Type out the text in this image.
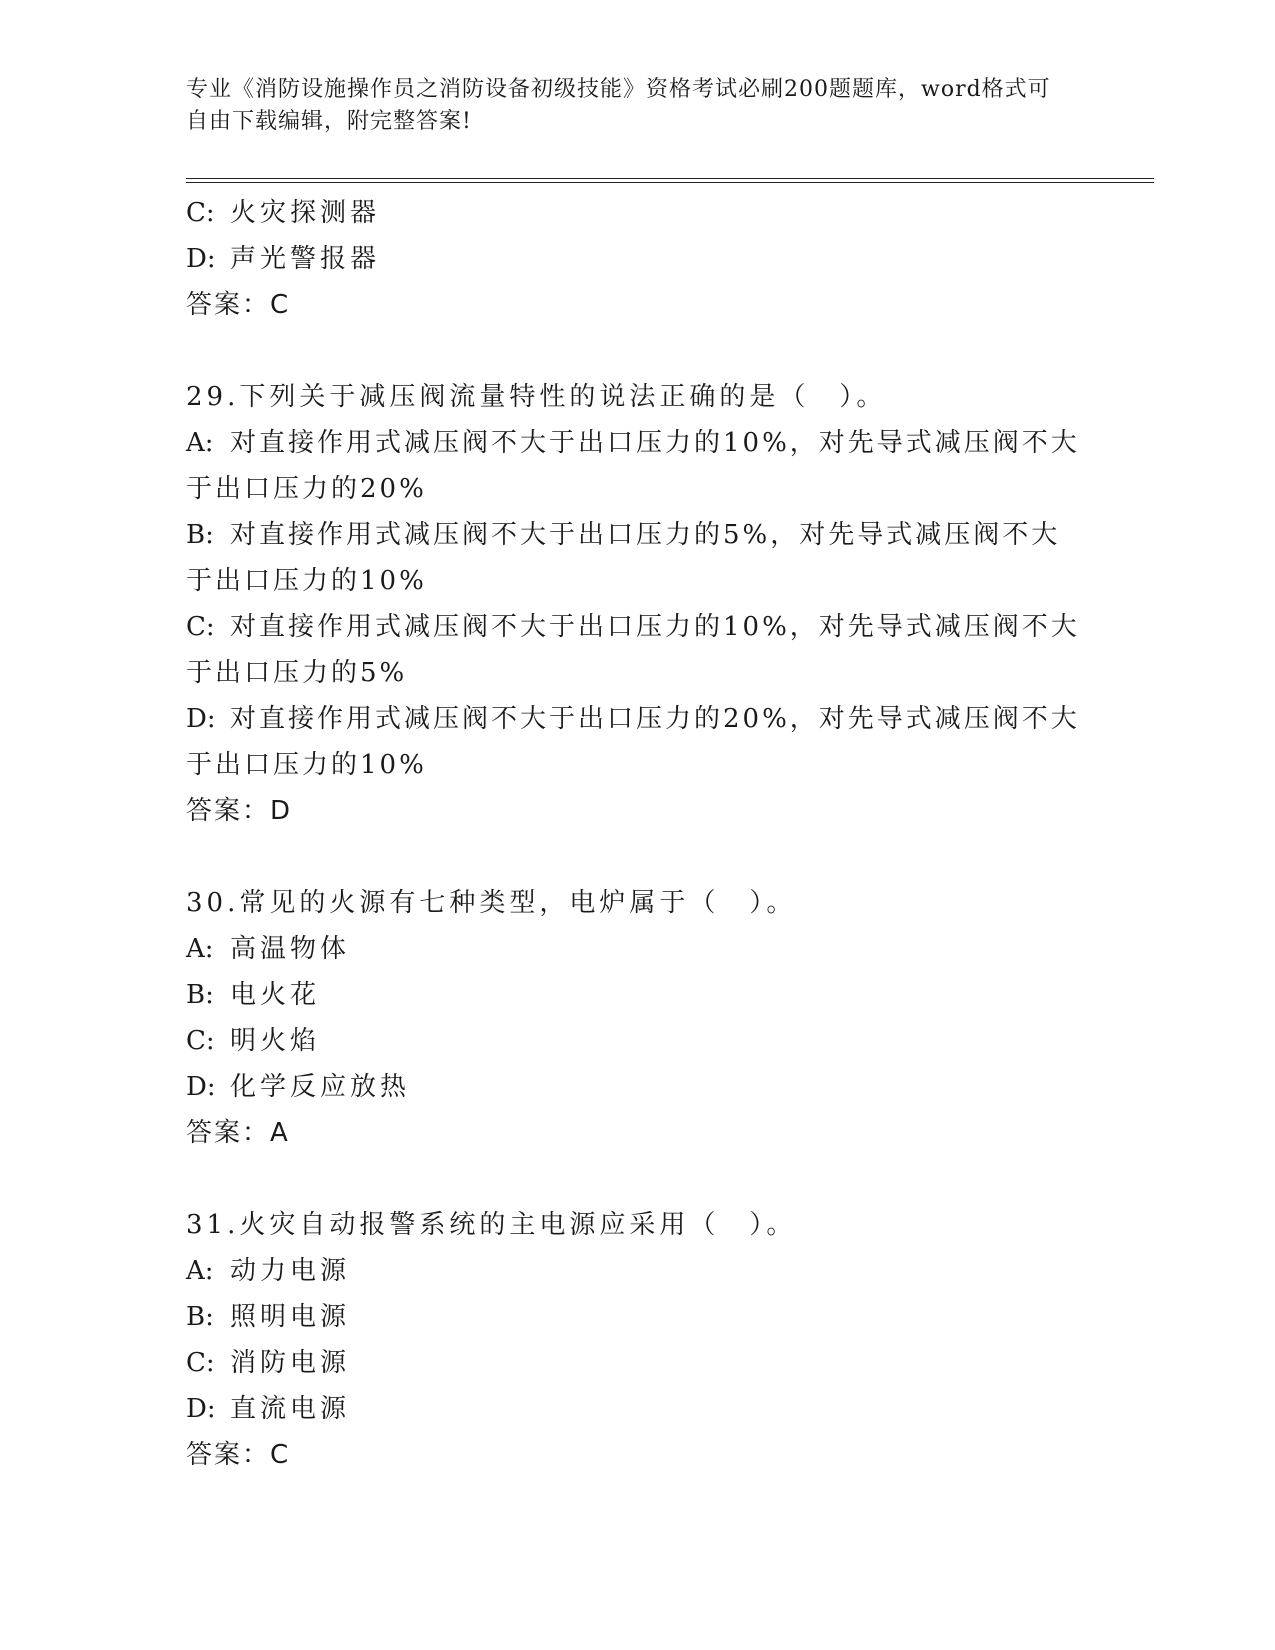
专业《消防设施操作员之消防设备初级技能》资格考试必刷200题题库，word格式可自由下载编辑，附完整答案!
C: 火灾探测器
D: 声光警报器
答案：C
29.下列关于减压阀流量特性的说法正确的是（　）。
A: 对直接作用式减压阀不大于出口压力的10%，对先导式减压阀不大于出口压力的20%
B: 对直接作用式减压阀不大于出口压力的5%，对先导式减压阀不大于出口压力的10%
C: 对直接作用式减压阀不大于出口压力的10%，对先导式减压阀不大于出口压力的5%
D: 对直接作用式减压阀不大于出口压力的20%，对先导式减压阀不大于出口压力的10%
答案：D
30.常见的火源有七种类型，电炉属于（　）。
A: 高温物体
B: 电火花
C: 明火焰
D: 化学反应放热
答案：A
31.火灾自动报警系统的主电源应采用（　）。
A: 动力电源
B: 照明电源
C: 消防电源
D: 直流电源
答案：C
